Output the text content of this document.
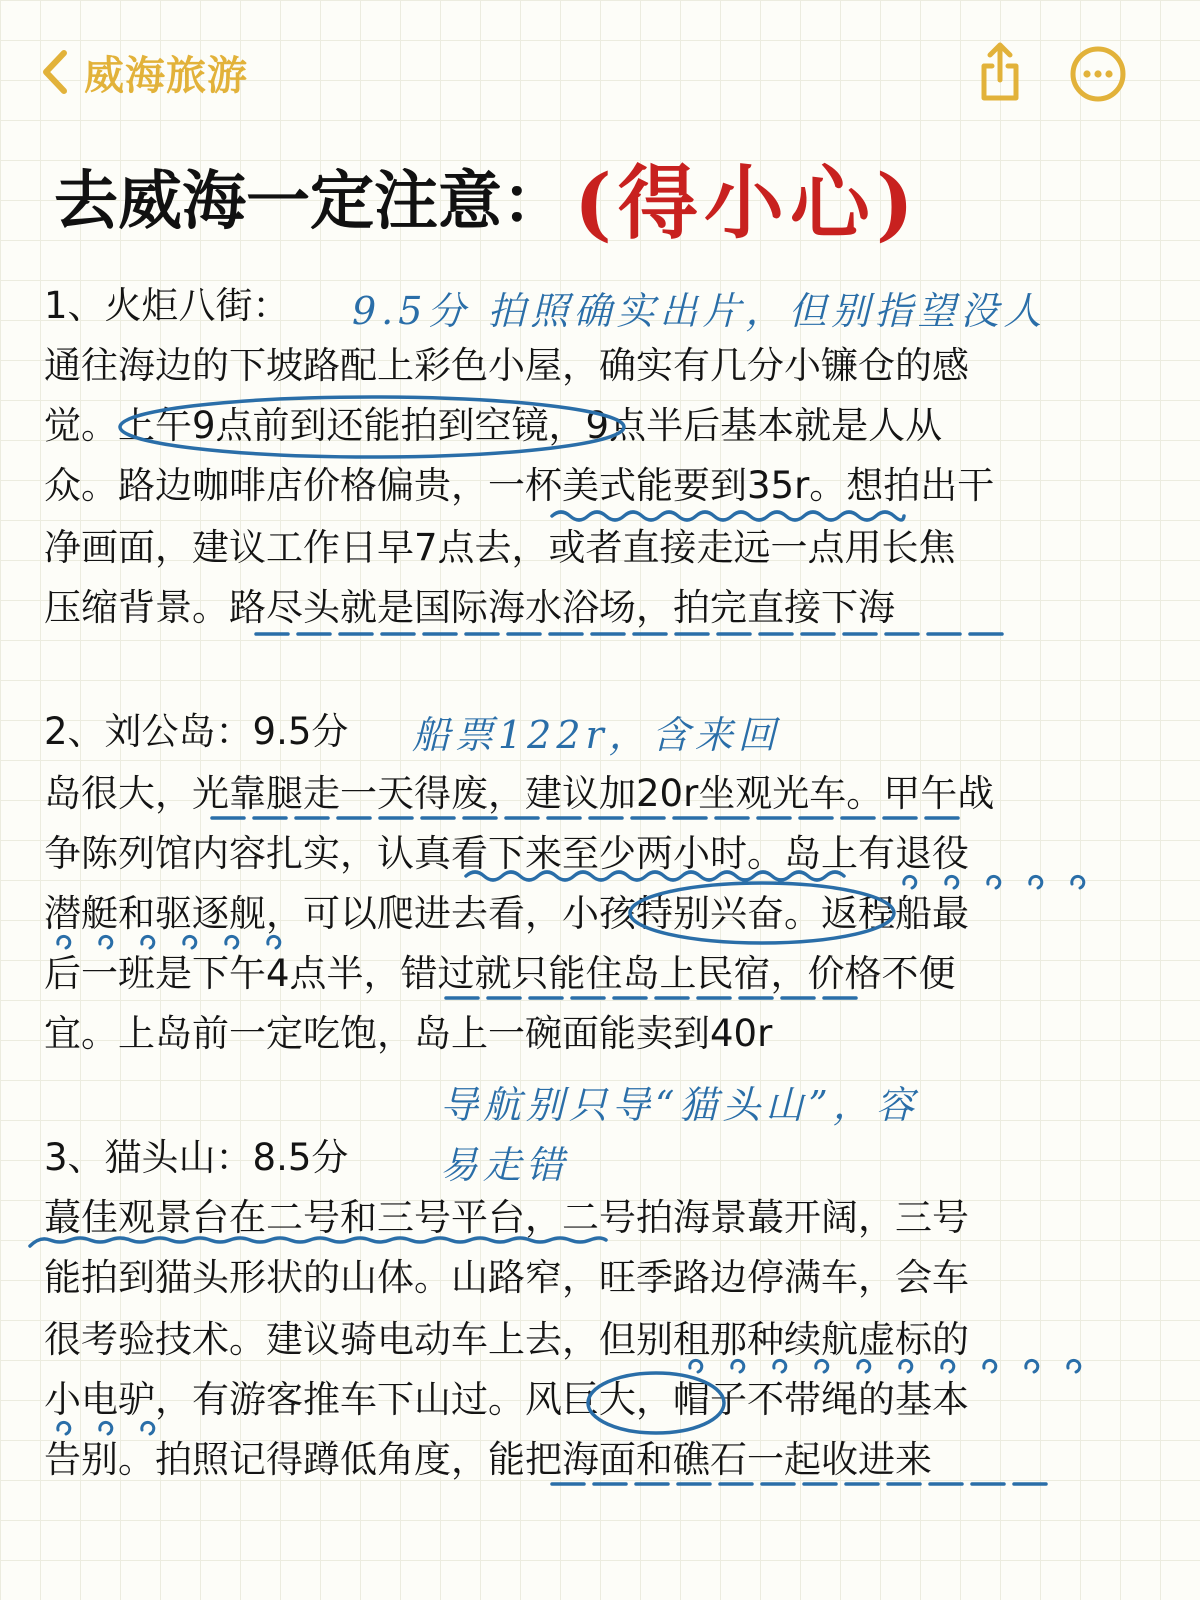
威海旅游
去威海一定注意： (得小心)
1、火炬八街： 9.5分 拍照确实出片，但别指望没人
通往海边的下坡路配上彩色小屋，确实有几分小镰仓的感
觉。上午9点前到还能拍到空镜，9点半后基本就是人从
众。路边咖啡店价格偏贵，一杯美式能要到35r。想拍出干
净画面，建议工作日早7点去，或者直接走远一点用长焦
压缩背景。路尽头就是国际海水浴场，拍完直接下海
2、刘公岛：9.5分 船票122r，含来回
岛很大，光靠腿走一天得废，建议加20r坐观光车。甲午战
争陈列馆内容扎实，认真看下来至少两小时。岛上有退役
潜艇和驱逐舰，可以爬进去看，小孩特别兴奋。返程船最
后一班是下午4点半，错过就只能住岛上民宿，价格不便
宜。上岛前一定吃饱，岛上一碗面能卖到40r
导航别只导“猫头山”，容
易走错
3、猫头山：8.5分
蕞佳观景台在二号和三号平台，二号拍海景蕞开阔，三号
能拍到猫头形状的山体。山路窄，旺季路边停满车，会车
很考验技术。建议骑电动车上去，但别租那种续航虚标的
小电驴，有游客推车下山过。风巨大，帽子不带绳的基本
告别。拍照记得蹲低角度，能把海面和礁石一起收进来
